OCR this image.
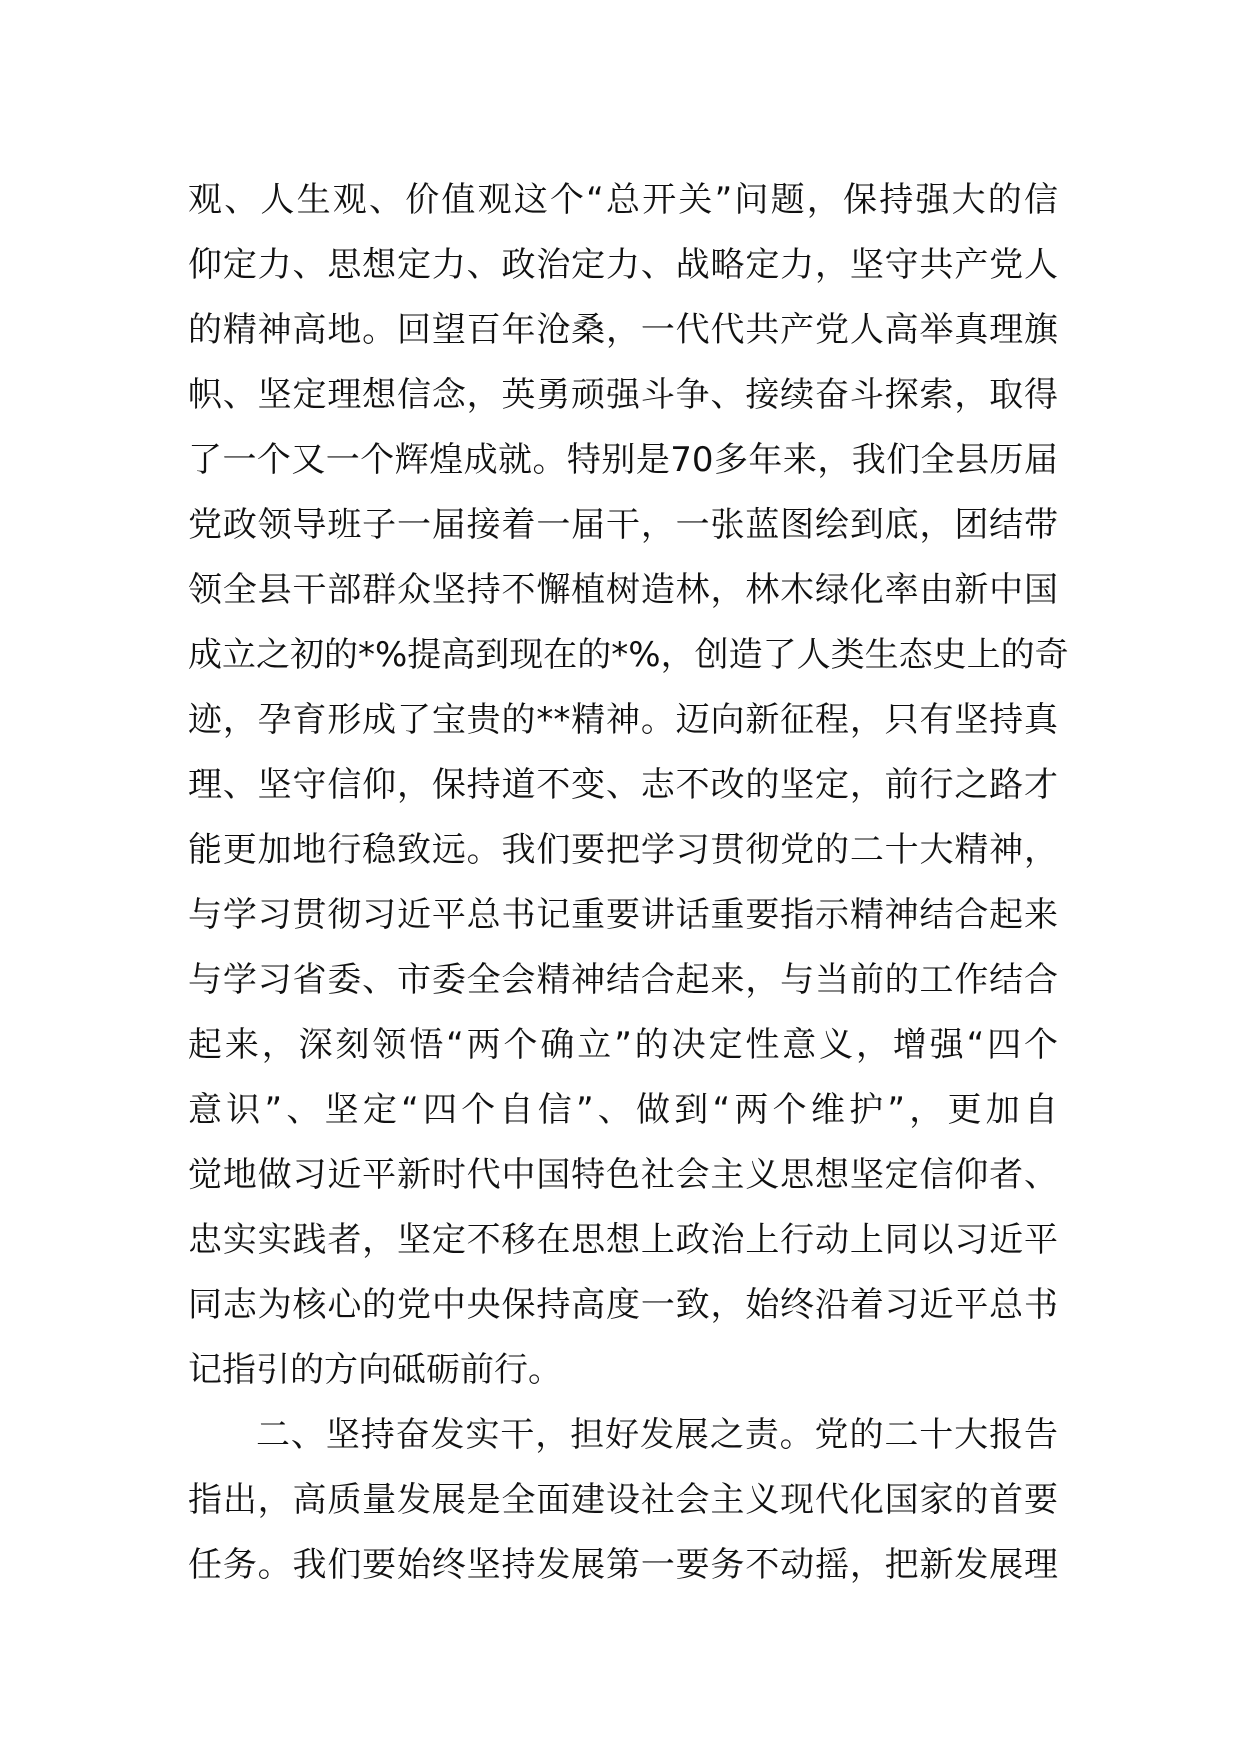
观、人生观、价值观这个“总开关”问题，保持强大的信
仰定力、思想定力、政治定力、战略定力，坚守共产党人
的精神高地。回望百年沧桑，一代代共产党人高举真理旗
帜、坚定理想信念，英勇顽强斗争、接续奋斗探索，取得
了一个又一个辉煌成就。特别是70多年来，我们全县历届
党政领导班子一届接着一届干，一张蓝图绘到底，团结带
领全县干部群众坚持不懈植树造林，林木绿化率由新中国
成立之初的*%提高到现在的*%，创造了人类生态史上的奇
迹，孕育形成了宝贵的**精神。迈向新征程，只有坚持真
理、坚守信仰，保持道不变、志不改的坚定，前行之路才
能更加地行稳致远。我们要把学习贯彻党的二十大精神，
与学习贯彻习近平总书记重要讲话重要指示精神结合起来
与学习省委、市委全会精神结合起来，与当前的工作结合
起来，深刻领悟“两个确立”的决定性意义，增强“四个
意识”、坚定“四个自信”、做到“两个维护”，更加自
觉地做习近平新时代中国特色社会主义思想坚定信仰者、
忠实实践者，坚定不移在思想上政治上行动上同以习近平
同志为核心的党中央保持高度一致，始终沿着习近平总书
记指引的方向砥砺前行。
二、坚持奋发实干，担好发展之责。党的二十大报告
指出，高质量发展是全面建设社会主义现代化国家的首要
任务。我们要始终坚持发展第一要务不动摇，把新发展理
